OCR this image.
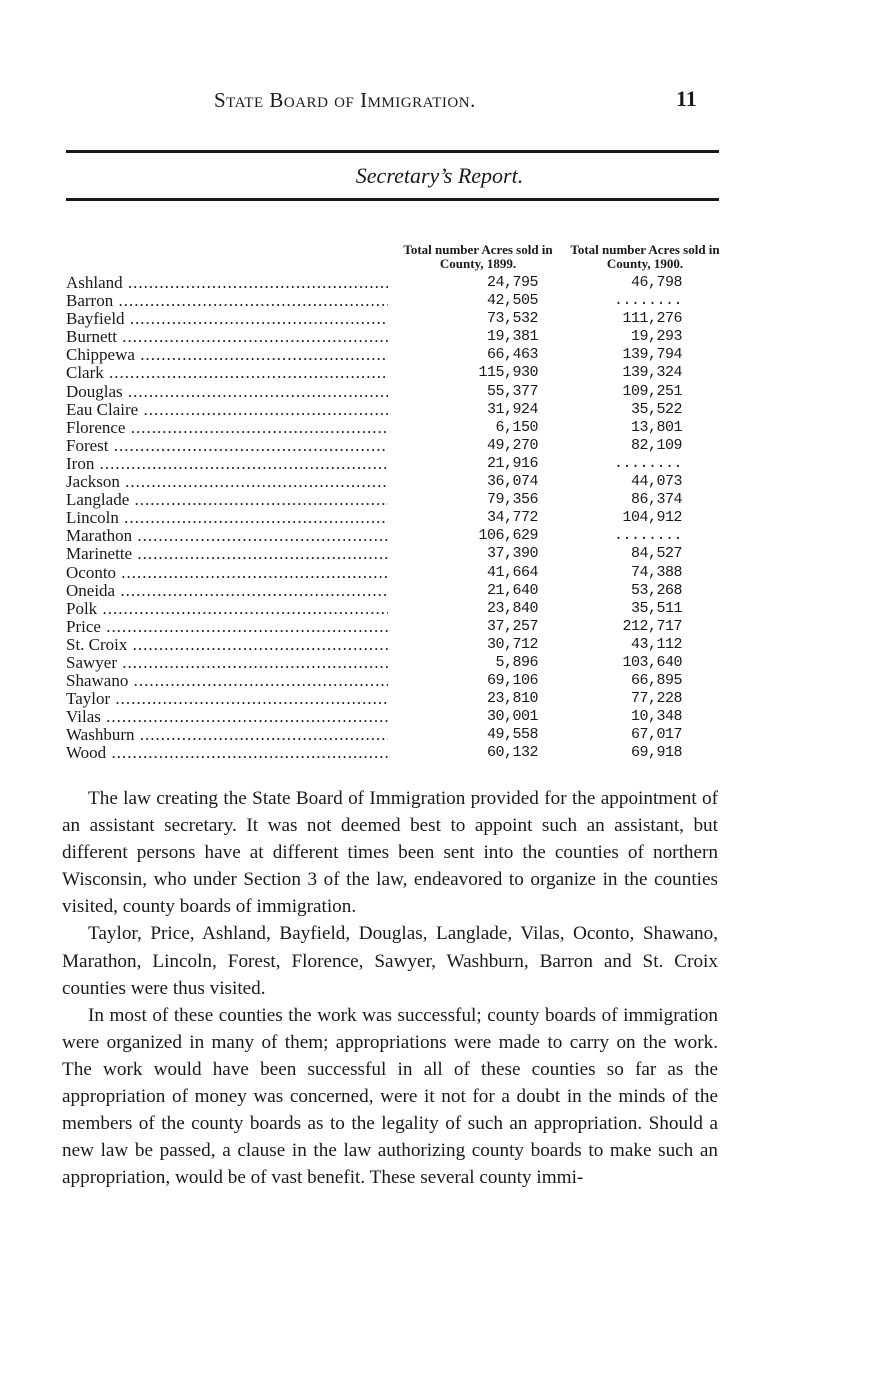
State Board of Immigration.	11
Secretary’s Report.
Total number Acres sold in County, 1899.
Total number Acres sold in County, 1900.
Ashland .....	24,795	46,798
Barron .....	42,505	........
Bayfield .....	73,532	111,276
Burnett .....	19,381	19,293
Chippewa .....	66,463	139,794
Clark .....	115,930	139,324
Douglas .....	55,377	109,251
Eau Claire .....	31,924	35,522
Florence .....	6,150	13,801
Forest .....	49,270	82,109
Iron .....	21,916	........
Jackson .....	36,074	44,073
Langlade .....	79,356	86,374
Lincoln .....	34,772	104,912
Marathon .....	106,629	........
Marinette .....	37,390	84,527
Oconto .....	41,664	74,388
Oneida .....	21,640	53,268
Polk .....	23,840	35,511
Price .....	37,257	212,717
St. Croix .....	30,712	43,112
Sawyer .....	5,896	103,640
Shawano .....	69,106	66,895
Taylor .....	23,810	77,228
Vilas .....	30,001	10,348
Washburn .....	49,558	67,017
Wood .....	60,132	69,918

The law creating the State Board of Immigration provided for the appointment of an assistant secretary. It was not deemed best to appoint such an assistant, but different persons have at different times been sent into the counties of northern Wisconsin, who under Section 3 of the law, endeavored to organize in the counties visited, county boards of immigration.

Taylor, Price, Ashland, Bayfield, Douglas, Langlade, Vilas, Oconto, Shawano, Marathon, Lincoln, Forest, Florence, Sawyer, Washburn, Barron and St. Croix counties were thus visited.

In most of these counties the work was successful; county boards of immigration were organized in many of them; appropriations were made to carry on the work. The work would have been successful in all of these counties so far as the appropriation of money was concerned, were it not for a doubt in the minds of the members of the county boards as to the legality of such an appropriation. Should a new law be passed, a clause in the law authorizing county boards to make such an appropriation, would be of vast benefit. These several county immi-
